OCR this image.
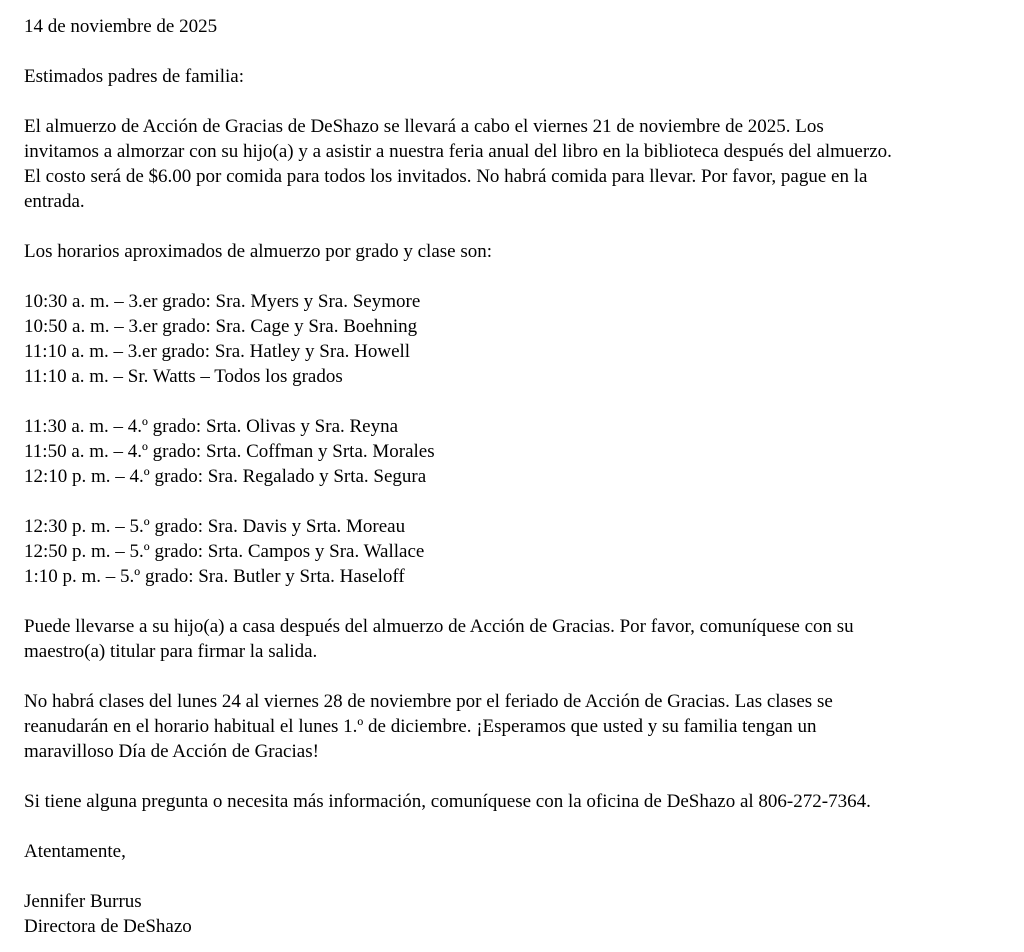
14 de noviembre de 2025

Estimados padres de familia:

El almuerzo de Acción de Gracias de DeShazo se llevará a cabo el viernes 21 de noviembre de 2025. Los
invitamos a almorzar con su hijo(a) y a asistir a nuestra feria anual del libro en la biblioteca después del almuerzo.
El costo será de $6.00 por comida para todos los invitados. No habrá comida para llevar. Por favor, pague en la
entrada.

Los horarios aproximados de almuerzo por grado y clase son:

10:30 a. m. – 3.er grado: Sra. Myers y Sra. Seymore
10:50 a. m. – 3.er grado: Sra. Cage y Sra. Boehning
11:10 a. m. – 3.er grado: Sra. Hatley y Sra. Howell
11:10 a. m. – Sr. Watts – Todos los grados
11:30 a. m. – 4.º grado: Srta. Olivas y Sra. Reyna
11:50 a. m. – 4.º grado: Srta. Coffman y Srta. Morales
12:10 p. m. – 4.º grado: Sra. Regalado y Srta. Segura
12:30 p. m. – 5.º grado: Sra. Davis y Srta. Moreau
12:50 p. m. – 5.º grado: Srta. Campos y Sra. Wallace
1:10 p. m. – 5.º grado: Sra. Butler y Srta. Haseloff

Puede llevarse a su hijo(a) a casa después del almuerzo de Acción de Gracias. Por favor, comuníquese con su
maestro(a) titular para firmar la salida.

No habrá clases del lunes 24 al viernes 28 de noviembre por el feriado de Acción de Gracias. Las clases se
reanudarán en el horario habitual el lunes 1.º de diciembre. ¡Esperamos que usted y su familia tengan un
maravilloso Día de Acción de Gracias!

Si tiene alguna pregunta o necesita más información, comuníquese con la oficina de DeShazo al 806-272-7364.

Atentamente,

Jennifer Burrus
Directora de DeShazo
